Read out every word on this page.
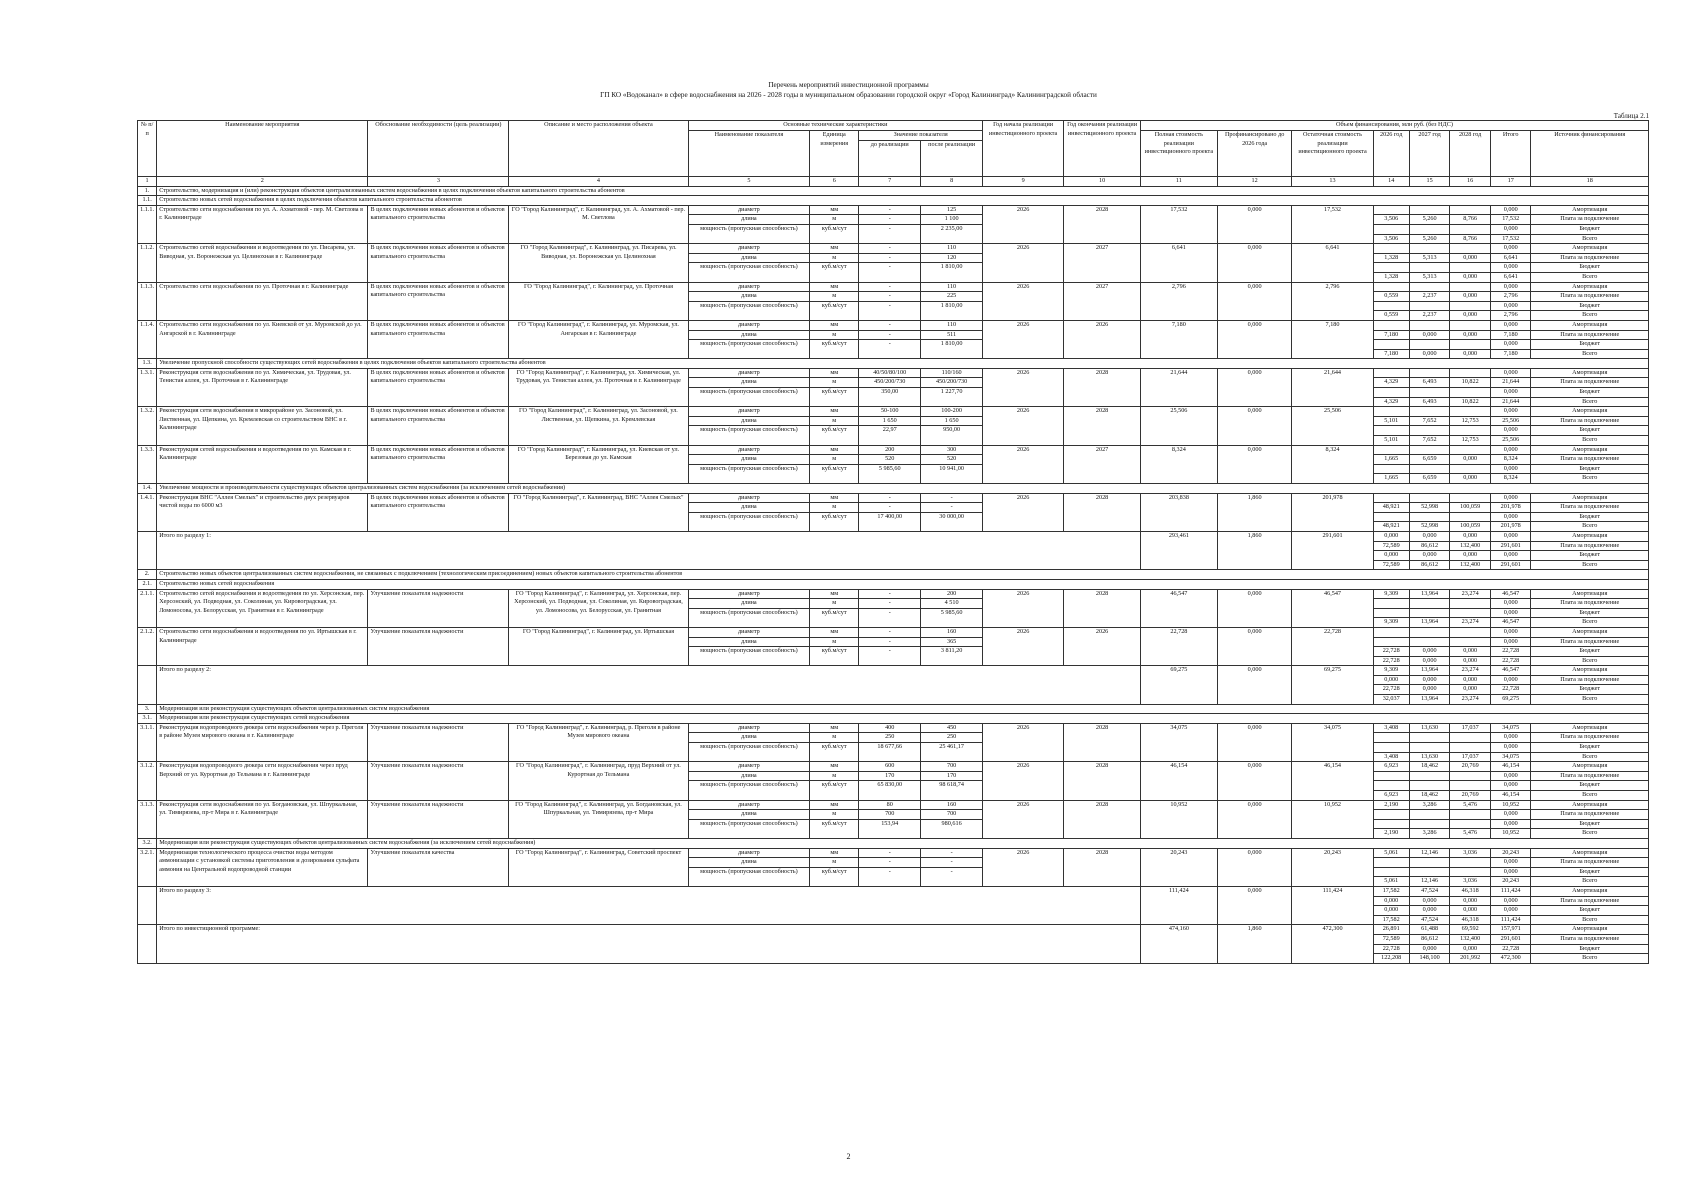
Перечень мероприятий инвестиционной программы
ГП КО «Водоканал» в сфере водоснабжения на 2026 - 2028 годы в муниципальном образовании городской округ «Город Калининград» Калининградской области
Таблица 2.1
№ п/п	Наименование мероприятия	Обоснование необходимости (цель реализации)	Описание и место расположения объекта	Основные технические характеристики				Год начала реализации инвестиционного проекта	Год окончания реализации инвестиционного проекта	Объем финансирования, млн руб. (без НДС)							
				Наименование показателя	Единица измерения	Значение показателя				Полная стоимость реализации инвестиционного проекта	Профинансировано до 2026 года	Остаточная стоимость реализации инвестиционного проекта	2026 год	2027 год	2028 год	Итого	Источник финансирования
						до реализации	после реализации										
1	2	3	4	5	6	7	8	9	10	11	12	13	14	15	16	17	18
1.	Строительство, модернизация и (или) реконструкция объектов централизованных систем водоснабжения в целях подключения объектов капитального строительства абонентов																
1.1.	Строительство новых сетей водоснабжения в целях подключения объектов капитального строительства абонентов																
1.1.1.	Строительство сети водоснабжения по ул. А. Ахматовой - пер. М. Светлова в г. Калининграде	В целях подключения новых абонентов и объектов капитального строительства	ГО "Город Калининград", г. Калининград, ул. А. Ахматовой - пер. М. Светлова	диаметр	мм	-	125	2026	2028	17,532	0,000	17,532				0,000	Амортизация
				длина	м	-	1 100						3,506	5,260	8,766	17,532	Плата за подключение
				мощность (пропускная способность)	куб.м/сут	-	2 235,00									0,000	Бюджет
													3,506	5,260	8,766	17,532	Всего
1.1.2.	Строительство сетей водоснабжения и водоотведения по ул. Писарева, ул. Виводная, ул. Воронежская ул. Целинохная в г. Калининграде	В целях подключения новых абонентов и объектов капитального строительства	ГО "Город Калининград", г. Калининград, ул. Писарева, ул. Виводная, ул. Воронежская ул. Целинохная	диаметр	мм	-	110	2026	2027	6,641	0,000	6,641				0,000	Амортизация
				длина	м	-	120						1,328	5,313	0,000	6,641	Плата за подключение
				мощность (пропускная способность)	куб.м/сут	-	1 810,00									0,000	Бюджет
													1,328	5,313	0,000	6,641	Всего
1.1.3.	Строительство сети водоснабжения по ул. Проточная в г. Калининграде	В целях подключения новых абонентов и объектов капитального строительства	ГО "Город Калининград", г. Калининград, ул. Проточная	диаметр	мм	-	110	2026	2027	2,796	0,000	2,796				0,000	Амортизация
				длина	м	-	225						0,559	2,237	0,000	2,796	Плата за подключение
				мощность (пропускная способность)	куб.м/сут	-	1 810,00									0,000	Бюджет
													0,559	2,237	0,000	2,796	Всего
1.1.4.	Строительство сети водоснабжения по ул. Киевской от ул. Муромской до ул. Ангарской в г. Калининграде	В целях подключения новых абонентов и объектов капитального строительства	ГО "Город Калининград", г. Калининград, ул. Муромская, ул. Ангарская в г. Калининграде	диаметр	мм	-	110	2026	2026	7,180	0,000	7,180				0,000	Амортизация
				длина	м	-	511						7,180	0,000	0,000	7,180	Плата за подключение
				мощность (пропускная способность)	куб.м/сут	-	1 810,00									0,000	Бюджет
													7,180	0,000	0,000	7,180	Всего
1.3.	Увеличение пропускной способности существующих сетей водоснабжения в целях подключения объектов капитального строительства абонентов																
1.3.1.	Реконструкция сети водоснабжения по ул. Химическая, ул. Трудовая, ул. Тенистая аллея, ул. Проточная в г. Калининграде	В целях подключения новых абонентов и объектов капитального строительства	ГО "Город Калининград", г. Калининград, ул. Химическая, ул. Трудовая, ул. Тенистая аллея, ул. Проточная в г. Калининграде	диаметр	мм	40/50/80/100	110/160	2026	2028	21,644	0,000	21,644				0,000	Амортизация
				длина	м	450/200/730	450/200/730						4,329	6,493	10,822	21,644	Плата за подключение
				мощность (пропускная способность)	куб.м/сут	350,00	1 227,70									0,000	Бюджет
													4,329	6,493	10,822	21,644	Всего
1.3.2.	Реконструкция сети водоснабжения в микрорайоне ул. Засоновой, ул. Лиственная, ул. Щепкина, ул. Кремлевская со строительством ВНС в г. Калининграде	В целях подключения новых абонентов и объектов капитального строительства	ГО "Город Калининград", г. Калининград, ул. Засоновой, ул. Лиственная, ул. Щепкина, ул. Кремлевская	диаметр	мм	50-100	100-200	2026	2028	25,506	0,000	25,506				0,000	Амортизация
				длина	м	1 650	1 650						5,101	7,652	12,753	25,506	Плата за подключение
				мощность (пропускная способность)	куб.м/сут	22,97	950,00									0,000	Бюджет
													5,101	7,652	12,753	25,506	Всего
1.3.3.	Реконструкция сетей водоснабжения и водоотведения по ул. Камская в г. Калининграде	В целях подключения новых абонентов и объектов капитального строительства	ГО "Город Калининград", г. Калининград, ул. Киевская от ул. Березовая до ул. Камская	диаметр	мм	200	300	2026	2027	8,324	0,000	8,324				0,000	Амортизация
				длина	м	520	520						1,665	6,659	0,000	8,324	Плата за подключение
				мощность (пропускная способность)	куб.м/сут	5 985,60	10 941,00									0,000	Бюджет
													1,665	6,659	0,000	8,324	Всего
1.4.	Увеличение мощности и производительности существующих объектов централизованных систем водоснабжения (за исключением сетей водоснабжения)																
1.4.1.	Реконструкция ВНС "Аллея Смелых" и строительство двух резервуаров чистой воды по 6000 м3	В целях подключения новых абонентов и объектов капитального строительства	ГО "Город Калининград", г. Калининград, ВНС "Аллея Смелых"	диаметр	мм	-	-	2026	2028	203,838	1,860	201,978				0,000	Амортизация
				длина	м	-	-						48,921	52,998	100,059	201,978	Плата за подключение
				мощность (пропускная способность)	куб.м/сут	17 400,00	30 000,00									0,000	Бюджет
													48,921	52,998	100,059	201,978	Всего
	Итого по разделу 1:									293,461	1,860	291,601	0,000	0,000	0,000	0,000	Амортизация
													72,589	86,612	132,400	291,601	Плата за подключение
													0,000	0,000	0,000	0,000	Бюджет
													72,589	86,612	132,400	291,601	Всего
2.	Строительство новых объектов централизованных систем водоснабжения, не связанных с подключением (технологическим присоединением) новых объектов капитального строительства абонентов																
2.1.	Строительство новых сетей водоснабжения																
2.1.1.	Строительство сетей водоснабжения и водоотведения по ул. Херсонская, пер. Херсонский, ул. Подводная, ул. Соколиная, ул. Кировоградская, ул. Ломоносова, ул. Белорусская, ул. Гранитная в г. Калининграде	Улучшение показателя надежности	ГО "Город Калининград", г. Калининград, ул. Херсонская, пер. Херсонский, ул. Подводная, ул. Соколиная, ул. Кировоградская, ул. Ломоносова, ул. Белорусская, ул. Гранитная	диаметр	мм	-	200	2026	2028	46,547	0,000	46,547	9,309	13,964	23,274	46,547	Амортизация
				длина	м	-	4 510									0,000	Плата за подключение
				мощность (пропускная способность)	куб.м/сут	-	5 985,60									0,000	Бюджет
													9,309	13,964	23,274	46,547	Всего
2.1.2.	Строительство сети водоснабжения и водоотведения по ул. Иртышская в г. Калининграде	Улучшение показателя надежности	ГО "Город Калининград", г. Калининград, ул. Иртышская	диаметр	мм	-	160	2026	2026	22,728	0,000	22,728				0,000	Амортизация
				длина	м	-	365									0,000	Плата за подключение
				мощность (пропускная способность)	куб.м/сут	-	3 811,20						22,728	0,000	0,000	22,728	Бюджет
													22,728	0,000	0,000	22,728	Всего
	Итого по разделу 2:									69,275	0,000	69,275	9,309	13,964	23,274	46,547	Амортизация
													0,000	0,000	0,000	0,000	Плата за подключение
													22,728	0,000	0,000	22,728	Бюджет
													32,037	13,964	23,274	69,275	Всего
3.	Модернизация или реконструкция существующих объектов централизованных систем водоснабжения																
3.1.	Модернизация или реконструкция существующих сетей водоснабжения																
3.1.1.	Реконструкция водопроводного дюкера сети водоснабжения через р. Преголя в районе Музея мирового океана в г. Калининграде	Улучшение показателя надежности	ГО "Город Калининград", г. Калининград, р. Преголя в районе Музея мирового океана	диаметр	мм	400	450	2026	2028	34,075	0,000	34,075	3,408	13,630	17,037	34,075	Амортизация
				длина	м	250	250									0,000	Плата за подключение
				мощность (пропускная способность)	куб.м/сут	18 677,66	25 461,17									0,000	Бюджет
													3,408	13,630	17,037	34,075	Всего
3.1.2.	Реконструкция водопроводного дюкера сети водоснабжения через пруд Верхний от ул. Курортная до Тельмана в г. Калининграде	Улучшение показателя надежности	ГО "Город Калининград", г. Калининград, пруд Верхний от ул. Курортная до Тельмана	диаметр	мм	600	700	2026	2028	46,154	0,000	46,154	6,923	18,462	20,769	46,154	Амортизация
				длина	м	170	170									0,000	Плата за подключение
				мощность (пропускная способность)	куб.м/сут	65 830,00	98 618,74									0,000	Бюджет
													6,923	18,462	20,769	46,154	Всего
3.1.3.	Реконструкция сети водоснабжения по ул. Богдановская, ул. Шпуркальная, ул. Тимирязева, пр-т Мира в г. Калининграде	Улучшение показателя надежности	ГО "Город Калининград", г. Калининград, ул. Богдановская, ул. Шпуркальная, ул. Тимирязева, пр-т Мира	диаметр	мм	80	160	2026	2028	10,952	0,000	10,952	2,190	3,286	5,476	10,952	Амортизация
				длина	м	700	700									0,000	Плата за подключение
				мощность (пропускная способность)	куб.м/сут	153,94	980,616									0,000	Бюджет
													2,190	3,286	5,476	10,952	Всего
3.2.	Модернизация или реконструкция существующих объектов централизованных систем водоснабжения (за исключением сетей водоснабжения)																
3.2.1.	Модернизация технологического процесса очистки воды методом аммонизации с установкой системы приготовления и дозирования сульфата аммония на Центральной водопроводной станции	Улучшение показателя качества	ГО "Город Калининград", г. Калининград, Советский проспект	диаметр	мм	-	-	2026	2028	20,243	0,000	20,243	5,061	12,146	3,036	20,243	Амортизация
				длина	м	-	-									0,000	Плата за подключение
				мощность (пропускная способность)	куб.м/сут	-	-									0,000	Бюджет
													5,061	12,146	3,036	20,243	Всего
	Итого по разделу 3:									111,424	0,000	111,424	17,582	47,524	46,318	111,424	Амортизация
													0,000	0,000	0,000	0,000	Плата за подключение
													0,000	0,000	0,000	0,000	Бюджет
													17,582	47,524	46,318	111,424	Всего
	Итого по инвестиционной программе:									474,160	1,860	472,300	26,891	61,488	69,592	157,971	Амортизация
													72,589	86,612	132,400	291,601	Плата за подключение
													22,728	0,000	0,000	22,728	Бюджет
													122,208	148,100	201,992	472,300	Всего
2
